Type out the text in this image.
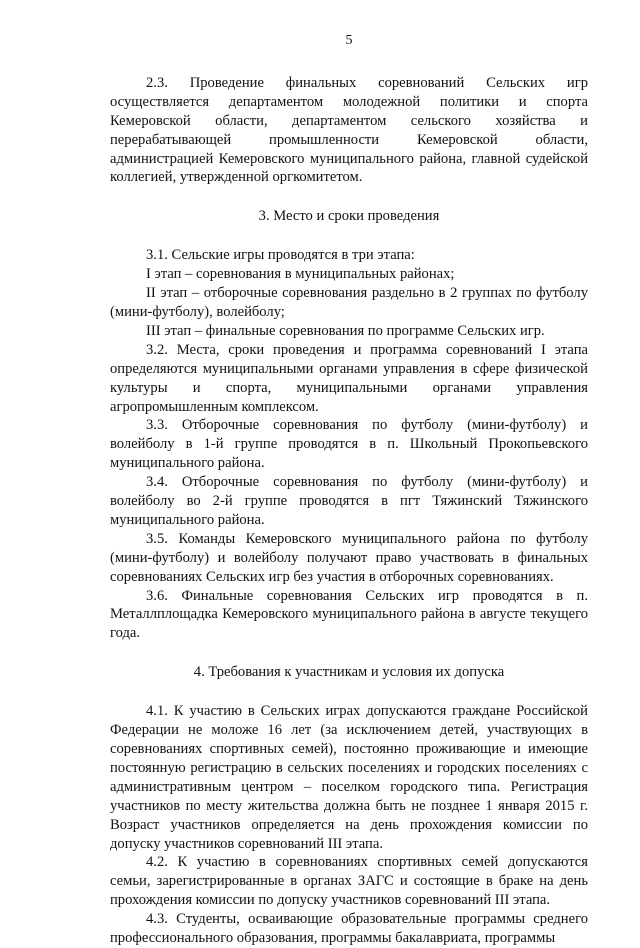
5

2.3. Проведение финальных соревнований Сельских игр осуществляется департаментом молодежной политики и спорта Кемеровской области, департаментом сельского хозяйства и перерабатывающей промышленности Кемеровской области, администрацией Кемеровского муниципального района, главной судейской коллегией, утвержденной оргкомитетом.

3. Место и сроки проведения

3.1. Сельские игры проводятся в три этапа:

I этап – соревнования в муниципальных районах;

II этап – отборочные соревнования раздельно в 2 группах по футболу (мини-футболу), волейболу;

III этап – финальные соревнования по программе Сельских игр.

3.2. Места, сроки проведения и программа соревнований I этапа определяются муниципальными органами управления в сфере физической культуры и спорта, муниципальными органами управления агропромышленным комплексом.

3.3. Отборочные соревнования по футболу (мини-футболу) и волейболу в 1-й группе проводятся в п. Школьный Прокопьевского муниципального района.

3.4. Отборочные соревнования по футболу (мини-футболу) и волейболу во 2-й группе проводятся в пгт Тяжинский Тяжинского муниципального района.

3.5. Команды Кемеровского муниципального района по футболу (мини-футболу) и волейболу получают право участвовать в финальных соревнованиях Сельских игр без участия в отборочных соревнованиях.

3.6. Финальные соревнования Сельских игр проводятся в п. Металлплощадка Кемеровского муниципального района в августе текущего года.

4. Требования к участникам и условия их допуска

4.1. К участию в Сельских играх допускаются граждане Российской Федерации не моложе 16 лет (за исключением детей, участвующих в соревнованиях спортивных семей), постоянно проживающие и имеющие постоянную регистрацию в сельских поселениях и городских поселениях с административным центром – поселком городского типа. Регистрация участников по месту жительства должна быть не позднее 1 января 2015 г. Возраст участников определяется на день прохождения комиссии по допуску участников соревнований III этапа.

4.2. К участию в соревнованиях спортивных семей допускаются семьи, зарегистрированные в органах ЗАГС и состоящие в браке на день прохождения комиссии по допуску участников соревнований III этапа.

4.3. Студенты, осваивающие образовательные программы среднего профессионального образования, программы бакалавриата, программы
